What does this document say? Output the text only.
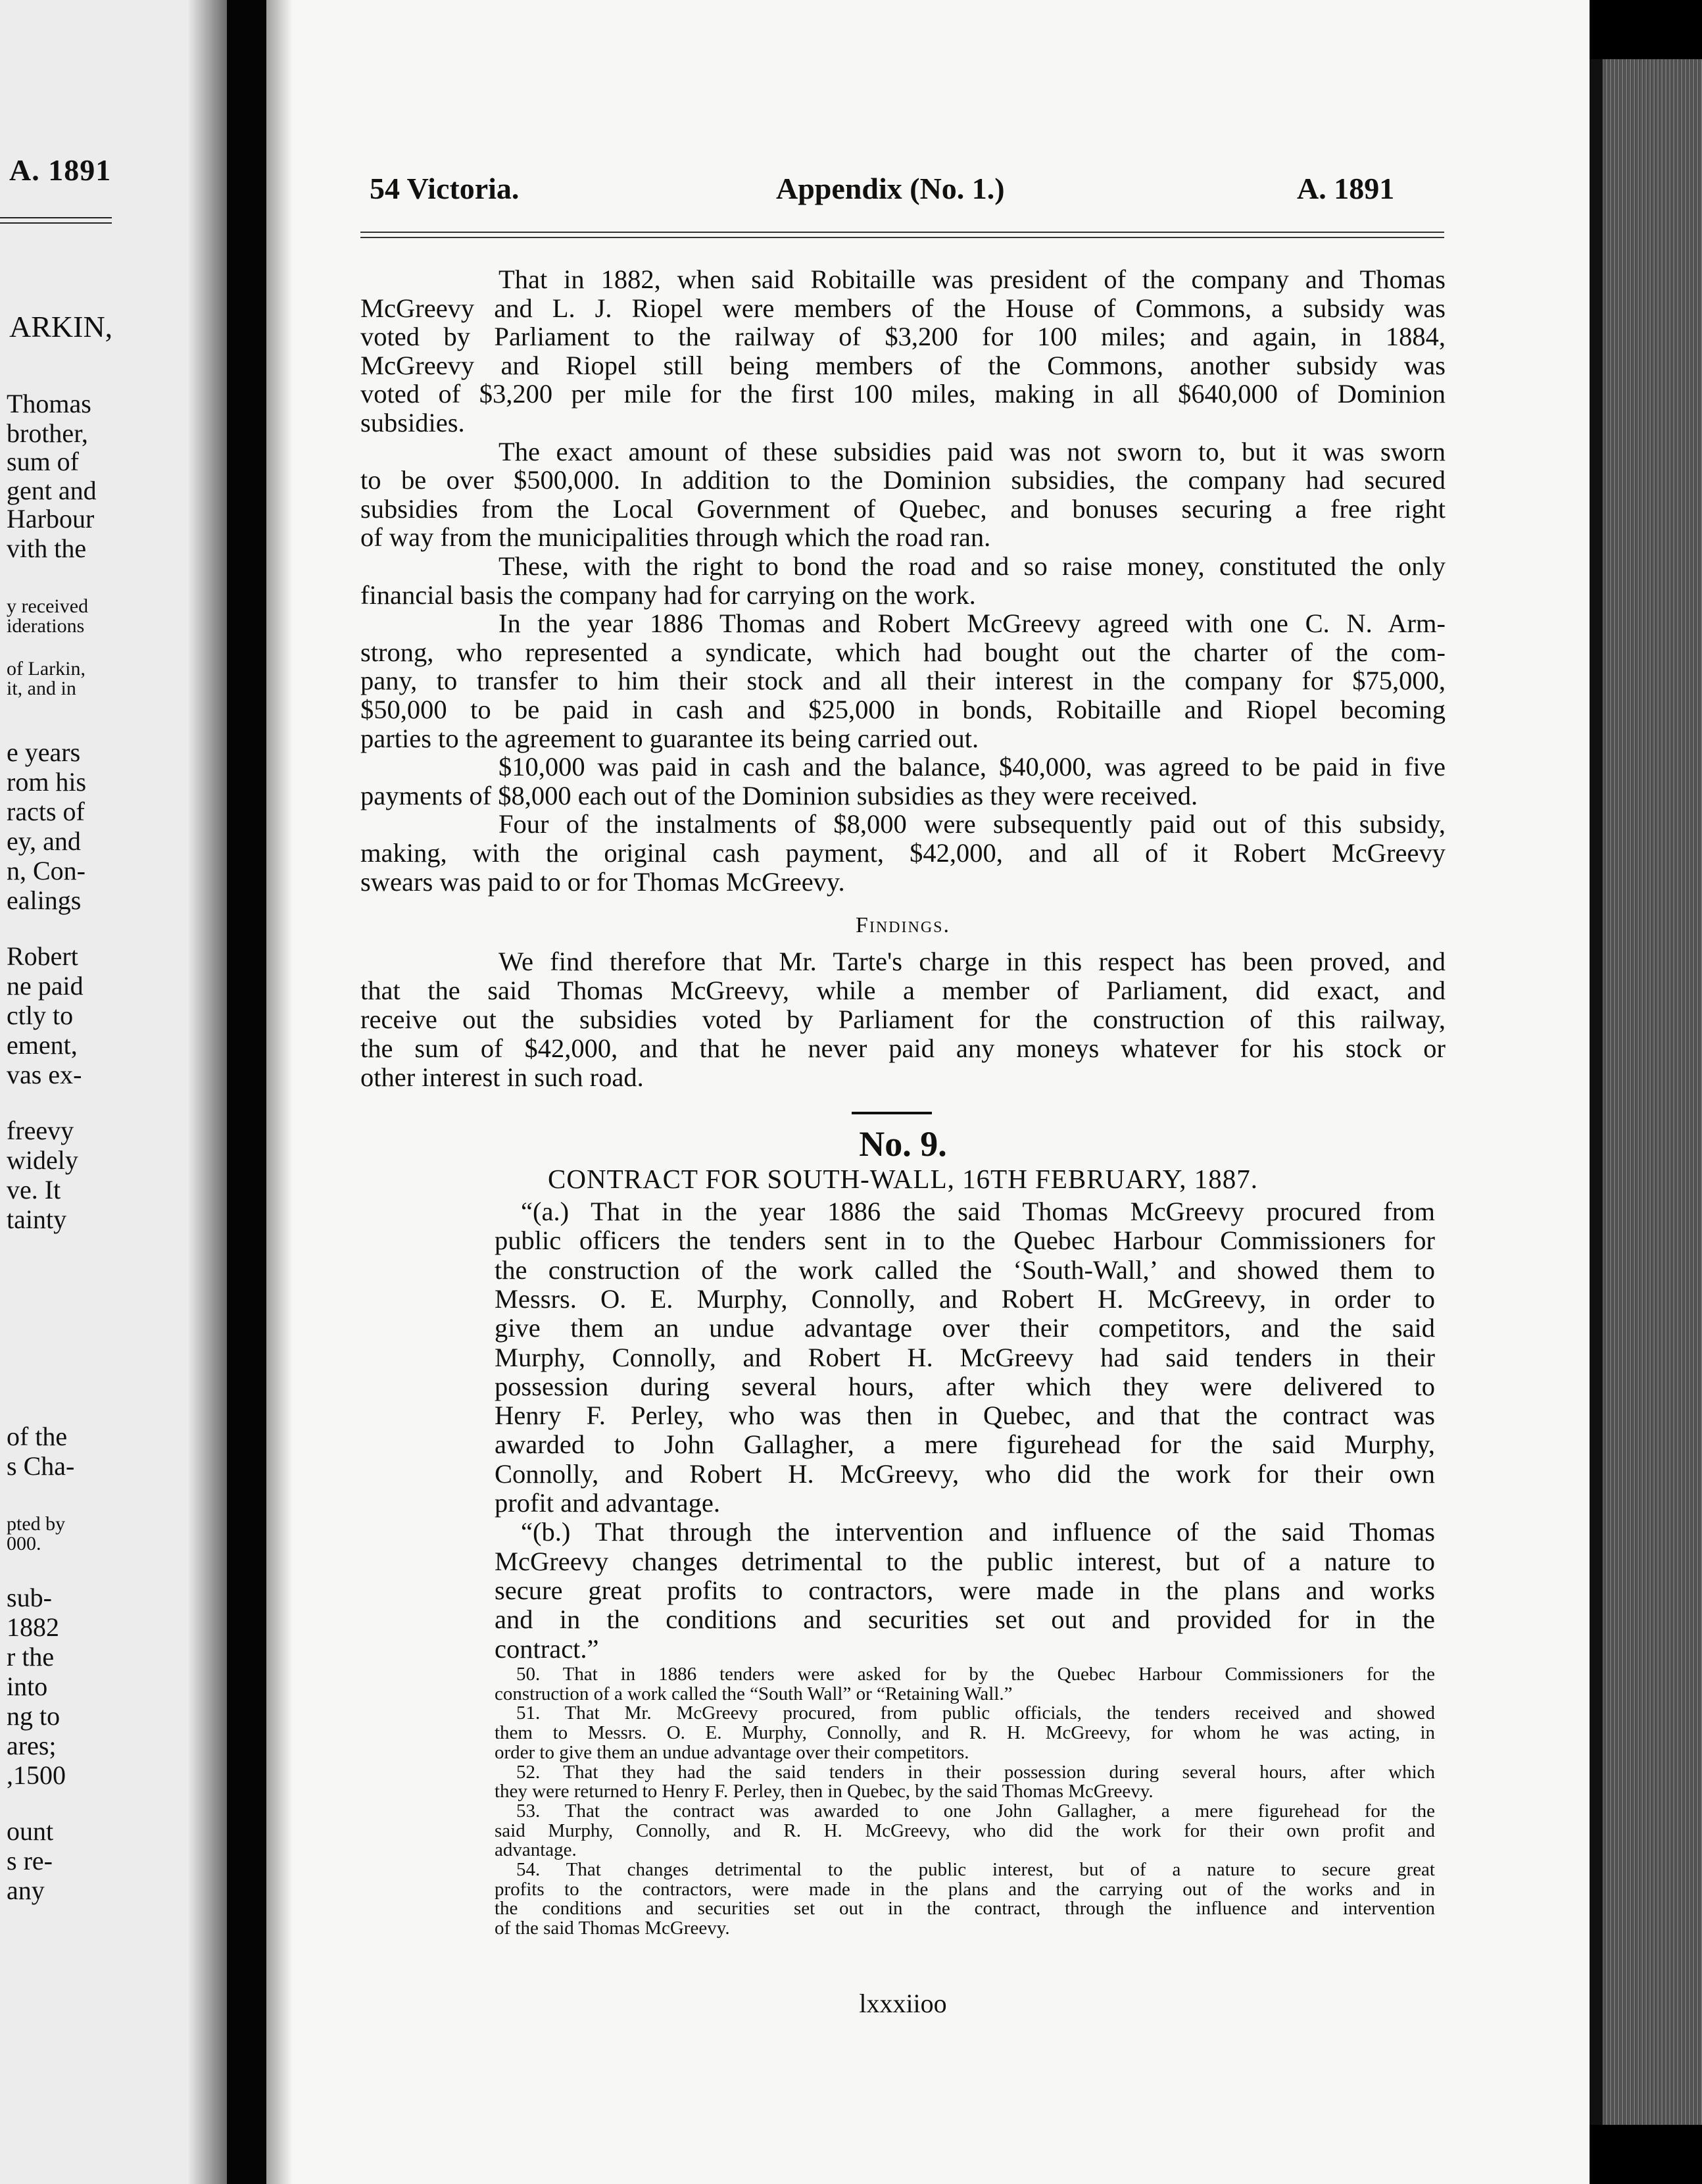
A. 1891
ARKIN,
Thomas
brother,
sum of
gent and
Harbour
vith the
y received
iderations
of Larkin,
it, and in
e years
rom his
racts of
ey, and
n, Con-
ealings
Robert
ne paid
ctly to
ement,
vas ex-
freevy
widely
ve. It
tainty
of the
s Cha-
pted by
000.
sub-
1882
r the
into
ng to
ares;
,1500
ount
s re-
any
54 Victoria.	Appendix (No. 1.)	A. 1891
That in 1882, when said Robitaille was president of the company and Thomas
McGreevy and L. J. Riopel were members of the House of Commons, a subsidy was
voted by Parliament to the railway of $3,200 for 100 miles; and again, in 1884,
McGreevy and Riopel still being members of the Commons, another subsidy was
voted of $3,200 per mile for the first 100 miles, making in all $640,000 of Dominion
subsidies.
The exact amount of these subsidies paid was not sworn to, but it was sworn
to be over $500,000. In addition to the Dominion subsidies, the company had secured
subsidies from the Local Government of Quebec, and bonuses securing a free right
of way from the municipalities through which the road ran.
These, with the right to bond the road and so raise money, constituted the only
financial basis the company had for carrying on the work.
In the year 1886 Thomas and Robert McGreevy agreed with one C. N. Arm-
strong, who represented a syndicate, which had bought out the charter of the com-
pany, to transfer to him their stock and all their interest in the company for $75,000,
$50,000 to be paid in cash and $25,000 in bonds, Robitaille and Riopel becoming
parties to the agreement to guarantee its being carried out.
$10,000 was paid in cash and the balance, $40,000, was agreed to be paid in five
payments of $8,000 each out of the Dominion subsidies as they were received.
Four of the instalments of $8,000 were subsequently paid out of this subsidy,
making, with the original cash payment, $42,000, and all of it Robert McGreevy
swears was paid to or for Thomas McGreevy.
Findings.
We find therefore that Mr. Tarte's charge in this respect has been proved, and
that the said Thomas McGreevy, while a member of Parliament, did exact, and
receive out the subsidies voted by Parliament for the construction of this railway,
the sum of $42,000, and that he never paid any moneys whatever for his stock or
other interest in such road.
No. 9.
CONTRACT FOR SOUTH-WALL, 16TH FEBRUARY, 1887.
“(a.) That in the year 1886 the said Thomas McGreevy procured from
public officers the tenders sent in to the Quebec Harbour Commissioners for
the construction of the work called the ‘South-Wall,’ and showed them to
Messrs. O. E. Murphy, Connolly, and Robert H. McGreevy, in order to
give them an undue advantage over their competitors, and the said
Murphy, Connolly, and Robert H. McGreevy had said tenders in their
possession during several hours, after which they were delivered to
Henry F. Perley, who was then in Quebec, and that the contract was
awarded to John Gallagher, a mere figurehead for the said Murphy,
Connolly, and Robert H. McGreevy, who did the work for their own
profit and advantage.
“(b.) That through the intervention and influence of the said Thomas
McGreevy changes detrimental to the public interest, but of a nature to
secure great profits to contractors, were made in the plans and works
and in the conditions and securities set out and provided for in the
contract.”
50. That in 1886 tenders were asked for by the Quebec Harbour Commissioners for the
construction of a work called the “South Wall” or “Retaining Wall.”
51. That Mr. McGreevy procured, from public officials, the tenders received and showed
them to Messrs. O. E. Murphy, Connolly, and R. H. McGreevy, for whom he was acting, in
order to give them an undue advantage over their competitors.
52. That they had the said tenders in their possession during several hours, after which
they were returned to Henry F. Perley, then in Quebec, by the said Thomas McGreevy.
53. That the contract was awarded to one John Gallagher, a mere figurehead for the
said Murphy, Connolly, and R. H. McGreevy, who did the work for their own profit and
advantage.
54. That changes detrimental to the public interest, but of a nature to secure great
profits to the contractors, were made in the plans and the carrying out of the works and in
the conditions and securities set out in the contract, through the influence and intervention
of the said Thomas McGreevy.
lxxxiioo
